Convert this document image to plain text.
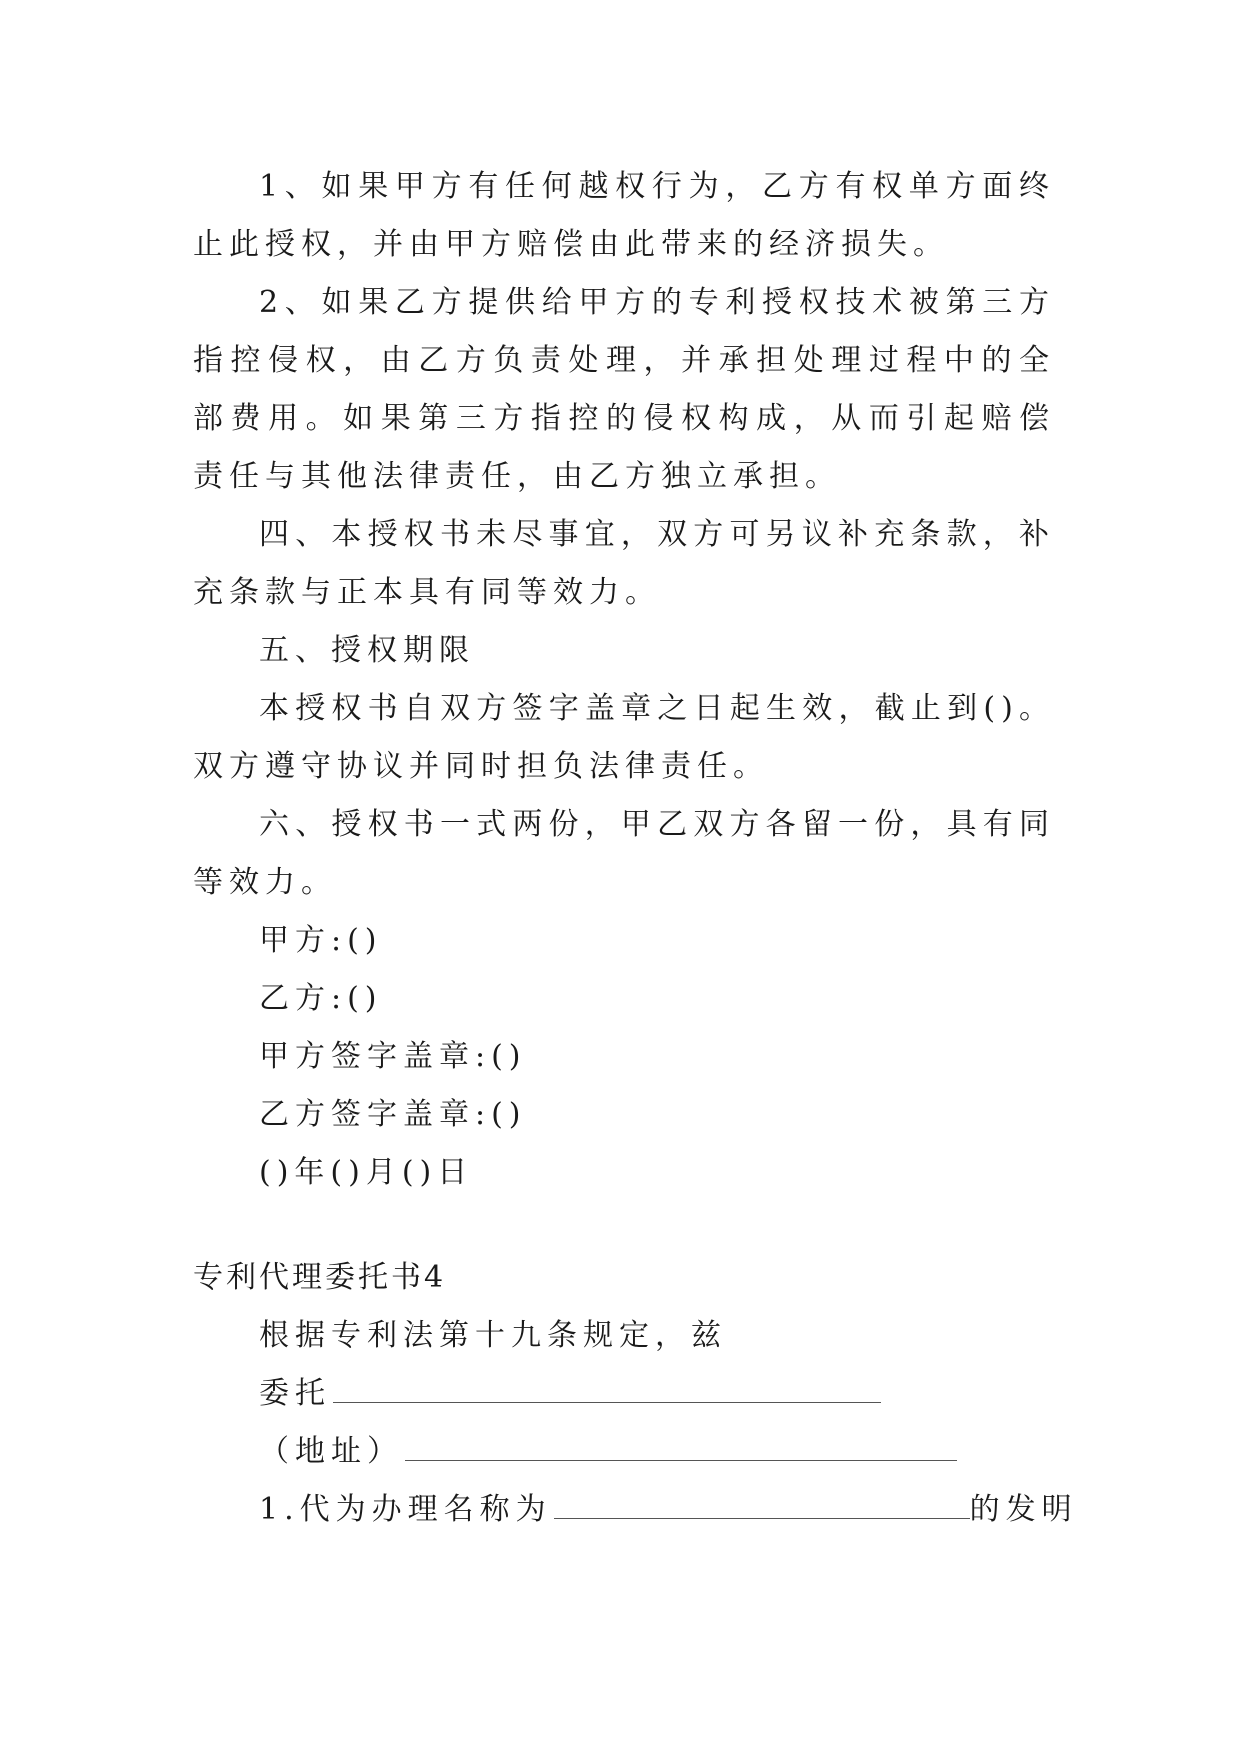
1、如果甲方有任何越权行为，乙方有权单方面终止此授权，并由甲方赔偿由此带来的经济损失。

2、如果乙方提供给甲方的专利授权技术被第三方指控侵权，由乙方负责处理，并承担处理过程中的全部费用。如果第三方指控的侵权构成，从而引起赔偿责任与其他法律责任，由乙方独立承担。

四、本授权书未尽事宜，双方可另议补充条款，补充条款与正本具有同等效力。

五、授权期限

本授权书自双方签字盖章之日起生效，截止到()。双方遵守协议并同时担负法律责任。

六、授权书一式两份，甲乙双方各留一份，具有同等效力。

甲方:()

乙方:()

甲方签字盖章:()

乙方签字盖章:()

()年()月()日

专利代理委托书4

根据专利法第十九条规定，兹

委托

（地址）

1.代为办理名称为	的发明
